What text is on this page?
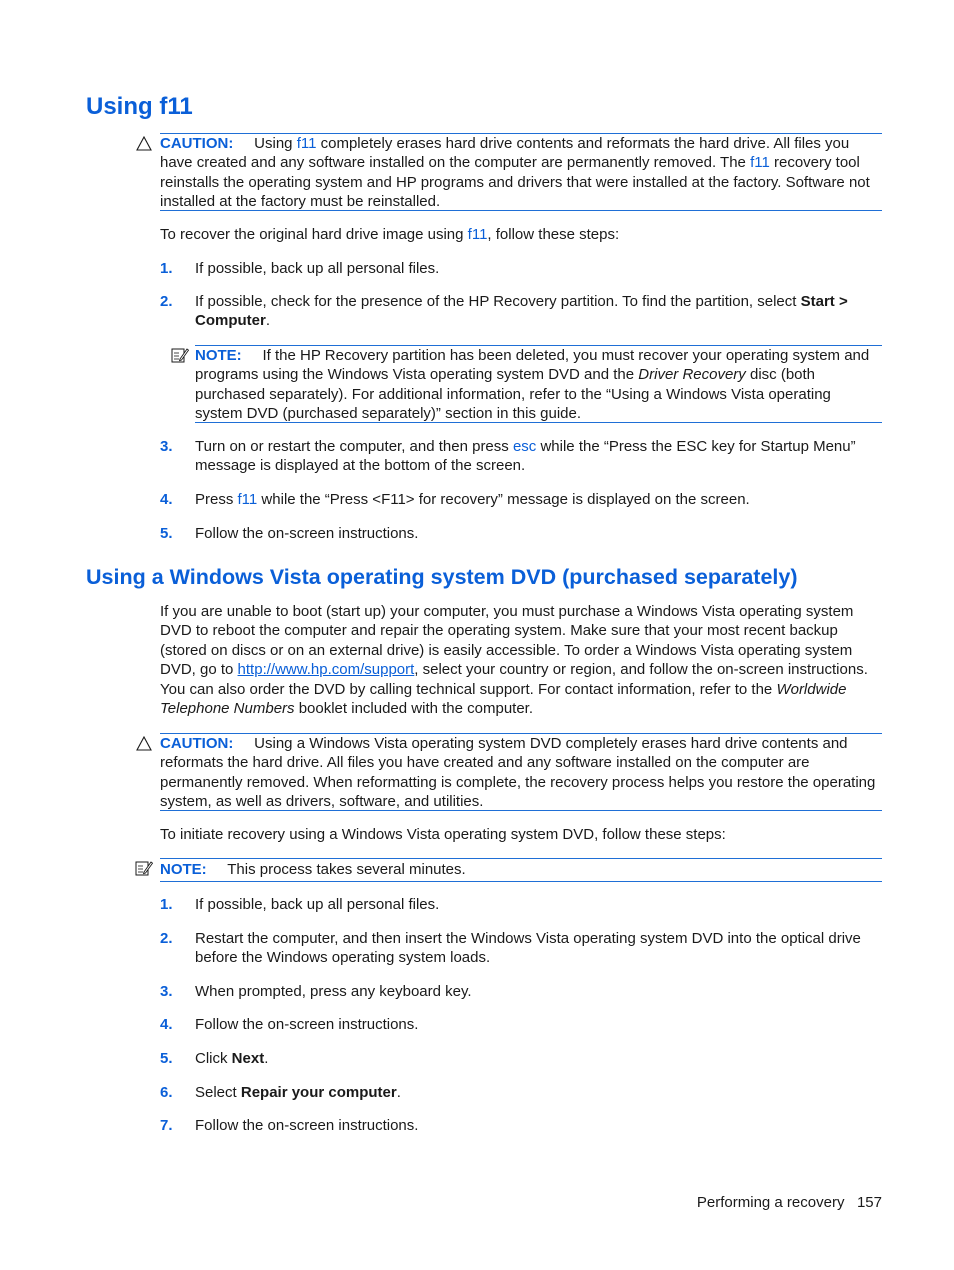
Using f11
CAUTION: Using f11 completely erases hard drive contents and reformats the hard drive. All files you have created and any software installed on the computer are permanently removed. The f11 recovery tool reinstalls the operating system and HP programs and drivers that were installed at the factory. Software not installed at the factory must be reinstalled.

To recover the original hard drive image using f11, follow these steps:

1.	If possible, back up all personal files.
2.	If possible, check for the presence of the HP Recovery partition. To find the partition, select Start > Computer.
NOTE: If the HP Recovery partition has been deleted, you must recover your operating system and programs using the Windows Vista operating system DVD and the Driver Recovery disc (both purchased separately). For additional information, refer to the “Using a Windows Vista operating system DVD (purchased separately)” section in this guide.
3.	Turn on or restart the computer, and then press esc while the “Press the ESC key for Startup Menu” message is displayed at the bottom of the screen.
4.	Press f11 while the “Press <F11> for recovery” message is displayed on the screen.
5.	Follow the on-screen instructions.
Using a Windows Vista operating system DVD (purchased separately)

If you are unable to boot (start up) your computer, you must purchase a Windows Vista operating system DVD to reboot the computer and repair the operating system. Make sure that your most recent backup (stored on discs or on an external drive) is easily accessible. To order a Windows Vista operating system DVD, go to http://www.hp.com/support, select your country or region, and follow the on-screen instructions. You can also order the DVD by calling technical support. For contact information, refer to the Worldwide Telephone Numbers booklet included with the computer.

CAUTION: Using a Windows Vista operating system DVD completely erases hard drive contents and reformats the hard drive. All files you have created and any software installed on the computer are permanently removed. When reformatting is complete, the recovery process helps you restore the operating system, as well as drivers, software, and utilities.

To initiate recovery using a Windows Vista operating system DVD, follow these steps:

NOTE: This process takes several minutes.
1.	If possible, back up all personal files.
2.	Restart the computer, and then insert the Windows Vista operating system DVD into the optical drive before the Windows operating system loads.
3.	When prompted, press any keyboard key.
4.	Follow the on-screen instructions.
5.	Click Next.
6.	Select Repair your computer.
7.	Follow the on-screen instructions.
Performing a recovery 157
